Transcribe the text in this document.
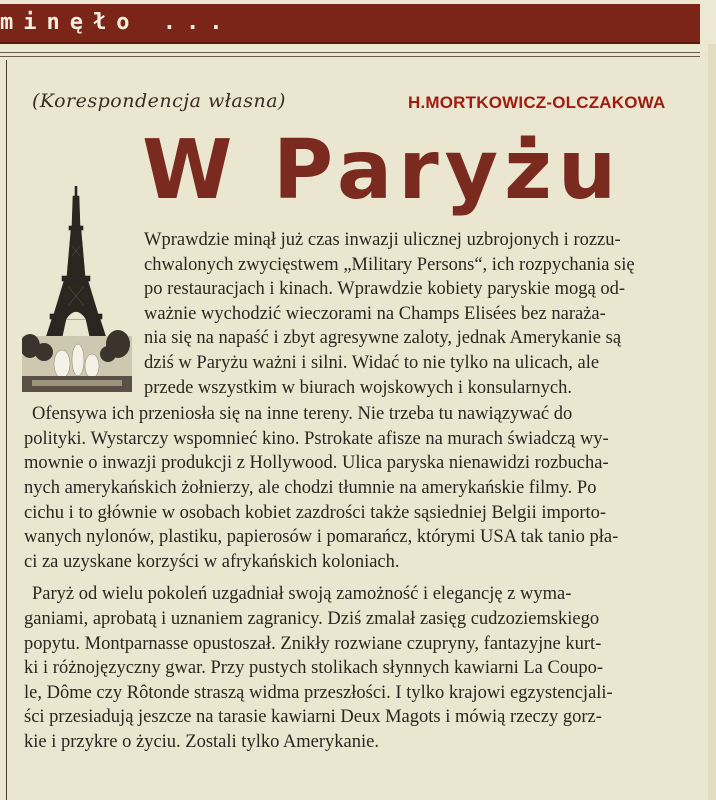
minęło ...
(Korespondencja własna)	H.MORTKOWICZ-OLCZAKOWA
W Paryżu
Wprawdzie minął już czas inwazji ulicznej uzbrojonych i rozzu-
chwalonych zwycięstwem „Military Persons“, ich rozpychania się
po restauracjach i kinach. Wprawdzie kobiety paryskie mogą od-
ważnie wychodzić wieczorami na Champs Elisées bez naraża-
nia się na napaść i zbyt agresywne zaloty, jednak Amerykanie są
dziś w Paryżu ważni i silni. Widać to nie tylko na ulicach, ale
przede wszystkim w biurach wojskowych i konsularnych.
Ofensywa ich przeniosła się na inne tereny. Nie trzeba tu nawiązywać do
polityki. Wystarczy wspomnieć kino. Pstrokate afisze na murach świadczą wy-
mownie o inwazji produkcji z Hollywood. Ulica paryska nienawidzi rozbucha-
nych amerykańskich żołnierzy, ale chodzi tłumnie na amerykańskie filmy. Po
cichu i to głównie w osobach kobiet zazdrości także sąsiedniej Belgii importo-
wanych nylonów, plastiku, papierosów i pomarańcz, którymi USA tak tanio pła-
ci za uzyskane korzyści w afrykańskich koloniach.
Paryż od wielu pokoleń uzgadniał swoją zamożność i elegancję z wyma-
ganiami, aprobatą i uznaniem zagranicy. Dziś zmalał zasięg cudzoziemskiego
popytu. Montparnasse opustoszał. Znikły rozwiane czupryny, fantazyjne kurt-
ki i różnojęzyczny gwar. Przy pustych stolikach słynnych kawiarni La Coupo-
le, Dôme czy Rôtonde straszą widma przeszłości. I tylko krajowi egzystencjali-
ści przesiadują jeszcze na tarasie kawiarni Deux Magots i mówią rzeczy gorz-
kie i przykre o życiu. Zostali tylko Amerykanie.
